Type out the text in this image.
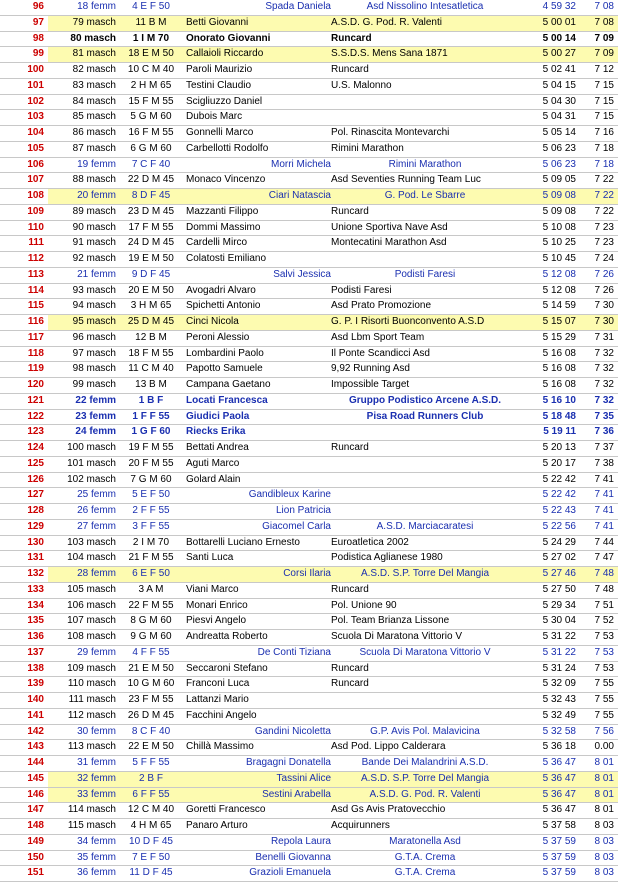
96	18 femm	4 E F 50	Spada Daniela	Asd Nissolino Intesatletica	4 59 32	7 08
97	79 masch	11 B M	Betti Giovanni	A.S.D. G. Pod. R. Valenti	5 00 01	7 08
98	80 masch	1 I M 70	Onorato Giovanni	Runcard	5 00 14	7 09
99	81 masch	18 E M 50	Callaioli Riccardo	S.S.D.S. Mens Sana 1871	5 00 27	7 09
100	82 masch	10 C M 40	Paroli Maurizio	Runcard	5 02 41	7 12
101	83 masch	2 H M 65	Testini Claudio	U.S. Malonno	5 04 15	7 15
102	84 masch	15 F M 55	Scigliuzzo Daniel		5 04 30	7 15
103	85 masch	5 G M 60	Dubois Marc		5 04 31	7 15
104	86 masch	16 F M 55	Gonnelli Marco	Pol. Rinascita Montevarchi	5 05 14	7 16
105	87 masch	6 G M 60	Carbellotti Rodolfo	Rimini Marathon	5 06 23	7 18
106	19 femm	7 C F 40	Morri Michela	Rimini Marathon	5 06 23	7 18
107	88 masch	22 D M 45	Monaco Vincenzo	Asd Seventies Running Team Luc	5 09 05	7 22
108	20 femm	8 D F 45	Ciari Natascia	G. Pod. Le Sbarre	5 09 08	7 22
109	89 masch	23 D M 45	Mazzanti Filippo	Runcard	5 09 08	7 22
110	90 masch	17 F M 55	Dommi Massimo	Unione Sportiva Nave Asd	5 10 08	7 23
111	91 masch	24 D M 45	Cardelli Mirco	Montecatini Marathon Asd	5 10 25	7 23
112	92 masch	19 E M 50	Colatosti Emiliano		5 10 45	7 24
113	21 femm	9 D F 45	Salvi Jessica	Podisti Faresi	5 12 08	7 26
114	93 masch	20 E M 50	Avogadri Alvaro	Podisti Faresi	5 12 08	7 26
115	94 masch	3 H M 65	Spichetti Antonio	Asd Prato Promozione	5 14 59	7 30
116	95 masch	25 D M 45	Cinci Nicola	G. P. I Risorti Buonconvento A.S.D	5 15 07	7 30
117	96 masch	12 B M	Peroni Alessio	Asd Lbm Sport Team	5 15 29	7 31
118	97 masch	18 F M 55	Lombardini Paolo	Il Ponte Scandicci Asd	5 16 08	7 32
119	98 masch	11 C M 40	Papotto Samuele	9,92 Running Asd	5 16 08	7 32
120	99 masch	13 B M	Campana Gaetano	Impossible Target	5 16 08	7 32
121	22 femm	1 B F	Locati Francesca	Gruppo Podistico Arcene A.S.D.	5 16 10	7 32
122	23 femm	1 F F 55	Giudici Paola	Pisa Road Runners Club	5 18 48	7 35
123	24 femm	1 G F 60	Riecks Erika		5 19 11	7 36
124	100 masch	19 F M 55	Bettati Andrea	Runcard	5 20 13	7 37
125	101 masch	20 F M 55	Aguti Marco		5 20 17	7 38
126	102 masch	7 G M 60	Golard Alain		5 22 42	7 41
127	25 femm	5 E F 50	Gandibleux Karine		5 22 42	7 41
128	26 femm	2 F F 55	Lion Patricia		5 22 43	7 41
129	27 femm	3 F F 55	Giacomel Carla	A.S.D. Marciacaratesi	5 22 56	7 41
130	103 masch	2 I M 70	Bottarelli Luciano Ernesto	Euroatletica 2002	5 24 29	7 44
131	104 masch	21 F M 55	Santi Luca	Podistica Aglianese 1980	5 27 02	7 47
132	28 femm	6 E F 50	Corsi Ilaria	A.S.D. S.P. Torre Del Mangia	5 27 46	7 48
133	105 masch	3 A M	Viani Marco	Runcard	5 27 50	7 48
134	106 masch	22 F M 55	Monari Enrico	Pol. Unione 90	5 29 34	7 51
135	107 masch	8 G M 60	Piesvi Angelo	Pol. Team Brianza Lissone	5 30 04	7 52
136	108 masch	9 G M 60	Andreatta Roberto	Scuola Di Maratona Vittorio V	5 31 22	7 53
137	29 femm	4 F F 55	De Conti Tiziana	Scuola Di Maratona Vittorio V	5 31 22	7 53
138	109 masch	21 E M 50	Seccaroni Stefano	Runcard	5 31 24	7 53
139	110 masch	10 G M 60	Franconi Luca	Runcard	5 32 09	7 55
140	111 masch	23 F M 55	Lattanzi Mario		5 32 43	7 55
141	112 masch	26 D M 45	Facchini Angelo		5 32 49	7 55
142	30 femm	8 C F 40	Gandini Nicoletta	G.P. Avis Pol. Malavicina	5 32 58	7 56
143	113 masch	22 E M 50	Chillà Massimo	Asd Pod. Lippo Calderara	5 36 18	0.00
144	31 femm	5 F F 55	Bragagni Donatella	Bande Dei Malandrini A.S.D.	5 36 47	8 01
145	32 femm	2 B F	Tassini Alice	A.S.D. S.P. Torre Del Mangia	5 36 47	8 01
146	33 femm	6 F F 55	Sestini Arabella	A.S.D. G. Pod. R. Valenti	5 36 47	8 01
147	114 masch	12 C M 40	Goretti Francesco	Asd Gs Avis Pratovecchio	5 36 47	8 01
148	115 masch	4 H M 65	Panaro Arturo	Acquirunners	5 37 58	8 03
149	34 femm	10 D F 45	Repola Laura	Maratonella Asd	5 37 59	8 03
150	35 femm	7 E F 50	Benelli Giovanna	G.T.A. Crema	5 37 59	8 03
151	36 femm	11 D F 45	Grazioli Emanuela	G.T.A. Crema	5 37 59	8 03
